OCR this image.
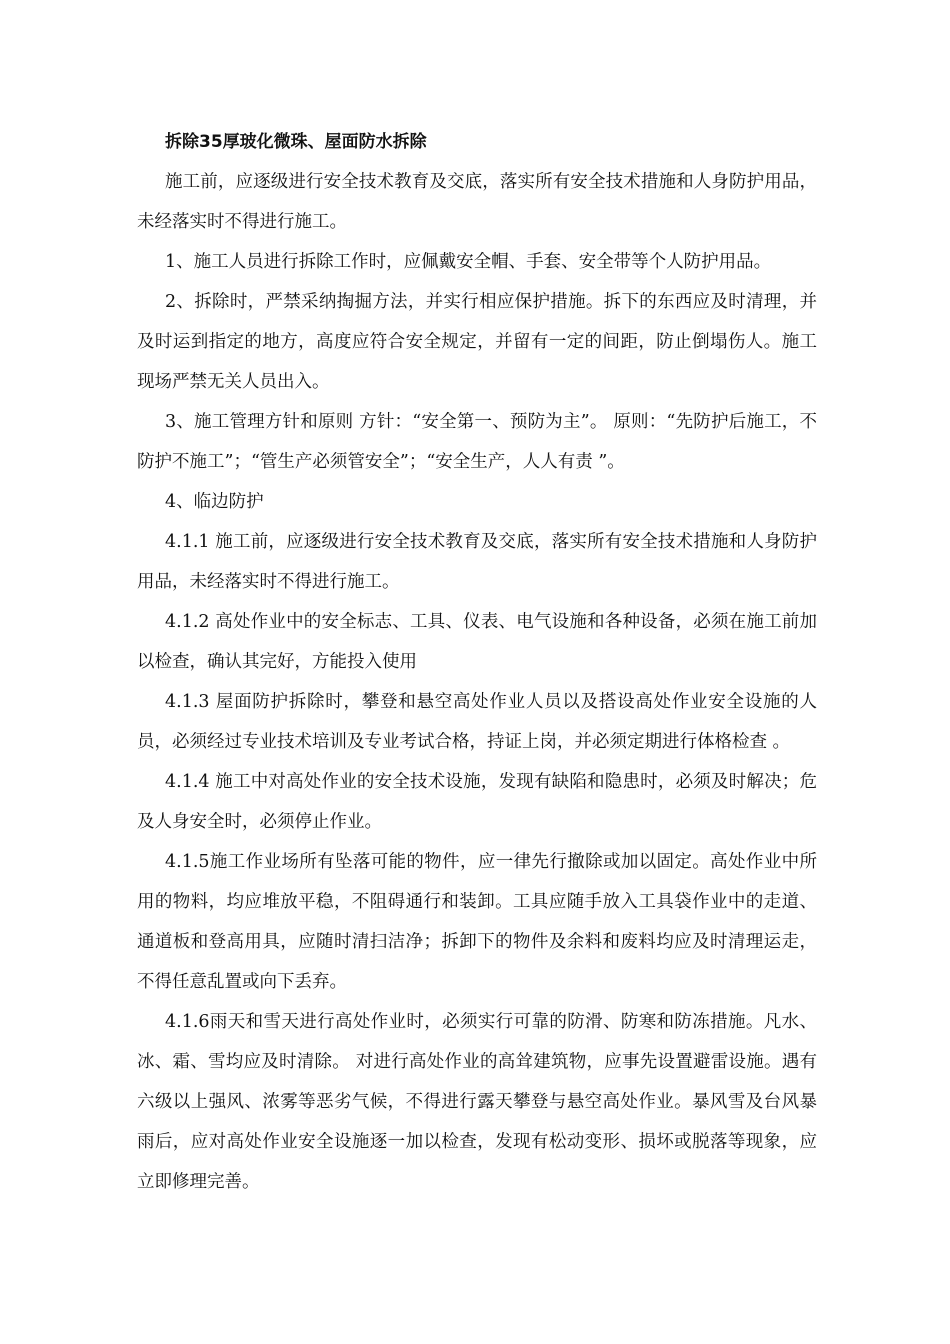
拆除35厚玻化微珠、屋面防水拆除

施工前，应逐级进行安全技术教育及交底，落实所有安全技术措施和人身防护用品，未经落实时不得进行施工。

1、施工人员进行拆除工作时，应佩戴安全帽、手套、安全带等个人防护用品。

2、拆除时，严禁采纳掏掘方法，并实行相应保护措施。拆下的东西应及时清理，并及时运到指定的地方，高度应符合安全规定，并留有一定的间距，防止倒塌伤人。施工现场严禁无关人员出入。

3、施工管理方针和原则 方针：“安全第一、预防为主”。 原则：“先防护后施工，不防护不施工”；“管生产必须管安全”；“安全生产，人人有责 ”。

4、临边防护

4.1.1 施工前，应逐级进行安全技术教育及交底，落实所有安全技术措施和人身防护用品，未经落实时不得进行施工。

4.1.2 高处作业中的安全标志、工具、仪表、电气设施和各种设备，必须在施工前加以检查，确认其完好，方能投入使用

4.1.3 屋面防护拆除时，攀登和悬空高处作业人员以及搭设高处作业安全设施的人员，必须经过专业技术培训及专业考试合格，持证上岗，并必须定期进行体格检查 。

4.1.4 施工中对高处作业的安全技术设施，发现有缺陷和隐患时，必须及时解决；危及人身安全时，必须停止作业。

4.1.5施工作业场所有坠落可能的物件，应一律先行撤除或加以固定。高处作业中所用的物料，均应堆放平稳，不阻碍通行和装卸。工具应随手放入工具袋作业中的走道、通道板和登高用具，应随时清扫洁净；拆卸下的物件及余料和废料均应及时清理运走，不得任意乱置或向下丢弃。

4.1.6雨天和雪天进行高处作业时，必须实行可靠的防滑、防寒和防冻措施。凡水、冰、霜、雪均应及时清除。 对进行高处作业的高耸建筑物，应事先设置避雷设施。遇有六级以上强风、浓雾等恶劣气候，不得进行露天攀登与悬空高处作业。暴风雪及台风暴雨后，应对高处作业安全设施逐一加以检查，发现有松动变形、损坏或脱落等现象，应立即修理完善。
